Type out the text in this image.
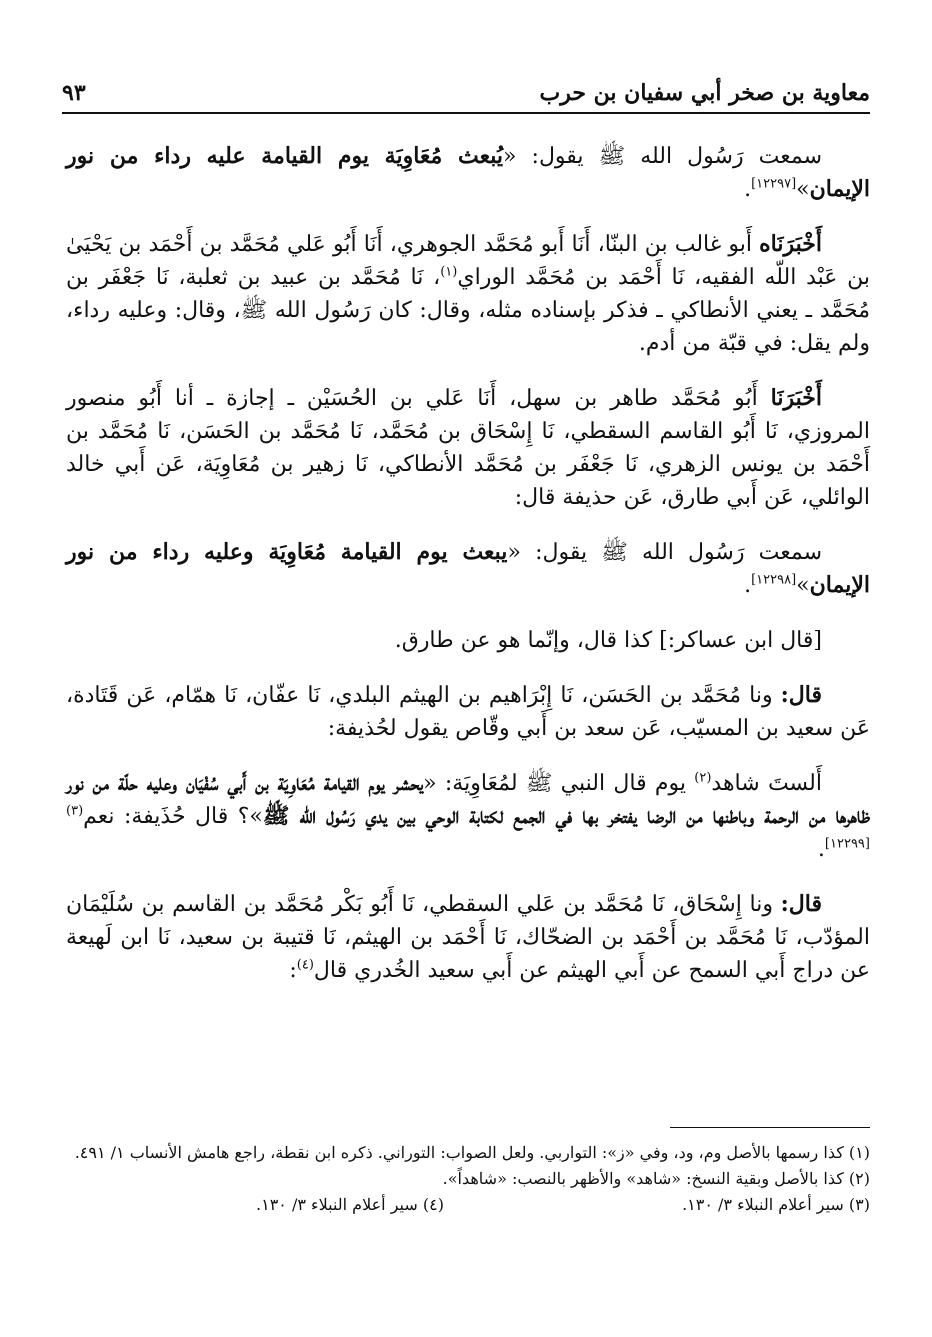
معاوية بن صخر أبي سفيان بن حرب
٩٣

سمعت رَسُول الله ﷺ يقول: «يُبعث مُعَاوِيَة يوم القيامة عليه رداء من نور الإيمان»[١٢٢٩٧].

أَخْبَرَنَاه أَبو غالب بن البنّا، أَنَا أَبو مُحَمَّد الجوهري، أَنَا أَبُو عَلي مُحَمَّد بن أَحْمَد بن يَحْيَىٰ بن عَبْد اللّه الفقيه، نَا أَحْمَد بن مُحَمَّد الوراي$^{(١)}$، نَا مُحَمَّد بن عبيد بن ثعلبة، نَا جَعْفَر بن مُحَمَّد ـ يعني الأنطاكي ـ فذكر بإسناده مثله، وقال: كان رَسُول الله ﷺ، وقال: وعليه رداء، ولم يقل: في قبّة من أدم.

أَخْبَرَنَا أَبُو مُحَمَّد طاهر بن سهل، أَنَا عَلي بن الحُسَيْن ـ إجازة ـ أنا أَبُو منصور المروزي، نَا أَبُو القاسم السقطي، نَا إِسْحَاق بن مُحَمَّد، نَا مُحَمَّد بن الحَسَن، نَا مُحَمَّد بن أَحْمَد بن يونس الزهري، نَا جَعْفَر بن مُحَمَّد الأنطاكي، نَا زهير بن مُعَاوِيَة، عَن أَبي خالد الوائلي، عَن أَبي طارق، عَن حذيفة قال:

سمعت رَسُول الله ﷺ يقول: «يبعث يوم القيامة مُعَاوِيَة وعليه رداء من نور الإيمان»[١٢٢٩٨].

[قال ابن عساكر:] كذا قال، وإنّما هو عن طارق.

قال: ونا مُحَمَّد بن الحَسَن، نَا إِبْرَاهيم بن الهيثم البلدي، نَا عفّان، نَا همّام، عَن قَتَادة، عَن سعيد بن المسيّب، عَن سعد بن أَبي وقّاص يقول لحُذيفة:

أَلستَ شاهد$^{(٢)}$ يوم قال النبي ﷺ لمُعَاوِيَة: «يحشر يوم القيامة مُعَاوِيَة بن أَبي سُفْيَان وعليه حلّة من نور ظاهرها من الرحمة وباطنها من الرضا يفتخر بها في الجمع لكتابة الوحي بين يدي رَسُول الله ﷺ»؟ قال حُذَيفة: نعم$^{(٣)[١٢٢٩٩]}$.

قال: ونا إِسْحَاق، نَا مُحَمَّد بن عَلي السقطي، نَا أَبُو بَكْر مُحَمَّد بن القاسم بن سُلَيْمَان المؤدّب، نَا مُحَمَّد بن أَحْمَد بن الضحّاك، نَا أَحْمَد بن الهيثم، نَا قتيبة بن سعيد، نَا ابن لَهيعة عن دراج أَبي السمح عن أَبي الهيثم عن أَبي سعيد الخُدري قال$^{(٤)}$:

(١) كذا رسمها بالأصل وم، ود، وفي «ز»: التواربي. ولعل الصواب: التوراني. ذكره ابن نقطة، راجع هامش الأنساب ١/ ٤٩١.

(٢) كذا بالأصل وبقية النسخ: «شاهد» والأظهر بالنصب: «شاهداً».

(٣) سير أعلام النبلاء ٣/ ١٣٠.

(٤) سير أعلام النبلاء ٣/ ١٣٠.
